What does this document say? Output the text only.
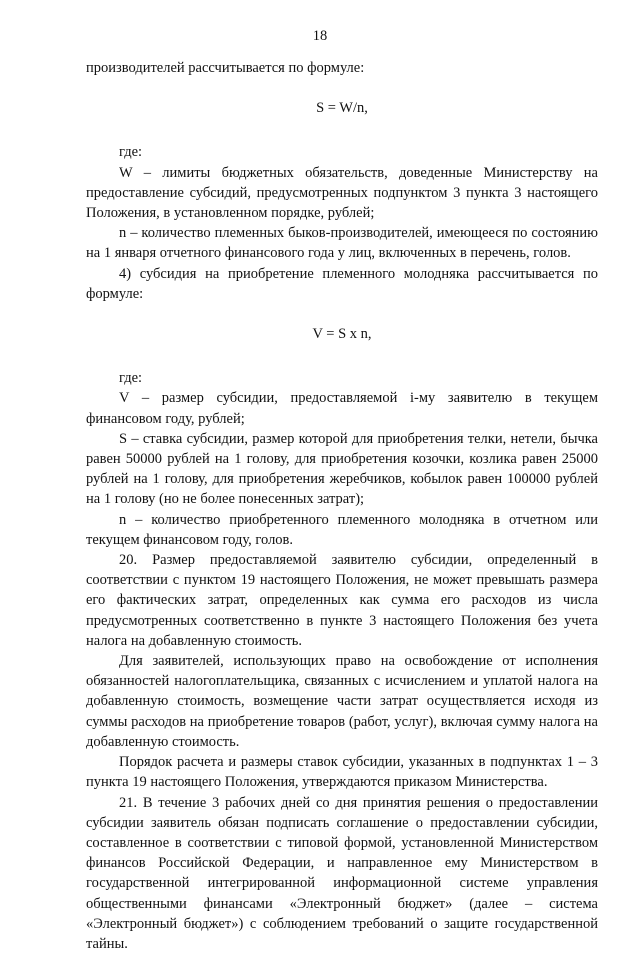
18

производителей рассчитывается по формуле:

S = W/n,

где:

W – лимиты бюджетных обязательств, доведенные Министерству на предоставление субсидий, предусмотренных подпунктом 3 пункта 3 настоящего Положения, в установленном порядке, рублей;

n – количество племенных быков-производителей, имеющееся по состоянию на 1 января отчетного финансового года у лиц, включенных в перечень, голов.

4) субсидия на приобретение племенного молодняка рассчитывается по формуле:

V = S x n,

где:

V – размер субсидии, предоставляемой i-му заявителю в текущем финансовом году, рублей;

S – ставка субсидии, размер которой для приобретения телки, нетели, бычка равен 50000 рублей на 1 голову, для приобретения козочки, козлика равен 25000 рублей на 1 голову, для приобретения жеребчиков, кобылок равен 100000 рублей на 1 голову (но не более понесенных затрат);

n – количество приобретенного племенного молодняка в отчетном или текущем финансовом году, голов.

20. Размер предоставляемой заявителю субсидии, определенный в соответствии с пунктом 19 настоящего Положения, не может превышать размера его фактических затрат, определенных как сумма его расходов из числа предусмотренных соответственно в пункте 3 настоящего Положения без учета налога на добавленную стоимость.

Для заявителей, использующих право на освобождение от исполнения обязанностей налогоплательщика, связанных с исчислением и уплатой налога на добавленную стоимость, возмещение части затрат осуществляется исходя из суммы расходов на приобретение товаров (работ, услуг), включая сумму налога на добавленную стоимость.

Порядок расчета и размеры ставок субсидии, указанных в подпунктах 1 – 3 пункта 19 настоящего Положения, утверждаются приказом Министерства.

21. В течение 3 рабочих дней со дня принятия решения о предоставлении субсидии заявитель обязан подписать соглашение о предоставлении субсидии, составленное в соответствии с типовой формой, установленной Министерством финансов Российской Федерации, и направленное ему Министерством в государственной интегрированной информационной системе управления общественными финансами «Электронный бюджет» (далее – система «Электронный бюджет») с соблюдением требований о защите государственной тайны.
